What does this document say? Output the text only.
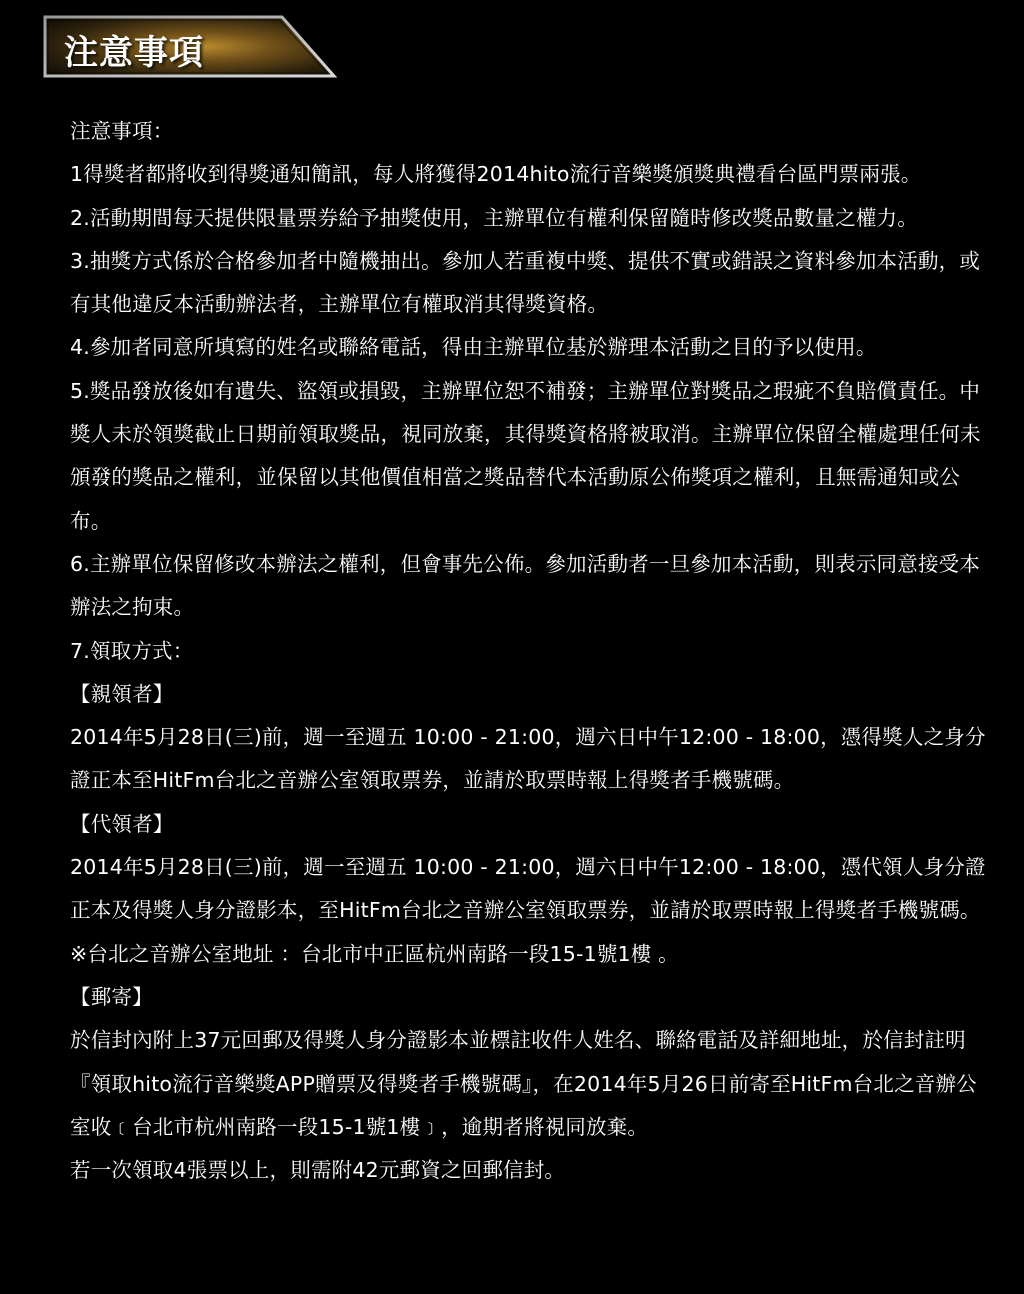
注意事項

注意事項：

1得獎者都將收到得獎通知簡訊，每人將獲得2014hito流行音樂獎頒獎典禮看台區門票兩張。

2.活動期間每天提供限量票券給予抽獎使用，主辦單位有權利保留隨時修改獎品數量之權力。

3.抽獎方式係於合格參加者中隨機抽出。參加人若重複中獎、提供不實或錯誤之資料參加本活動，或有其他違反本活動辦法者，主辦單位有權取消其得獎資格。

4.參加者同意所填寫的姓名或聯絡電話，得由主辦單位基於辦理本活動之目的予以使用。

5.獎品發放後如有遺失、盜領或損毀，主辦單位恕不補發；主辦單位對獎品之瑕疵不負賠償責任。中獎人未於領獎截止日期前領取獎品，視同放棄，其得獎資格將被取消。主辦單位保留全權處理任何未頒發的獎品之權利，並保留以其他價值相當之獎品替代本活動原公佈獎項之權利，且無需通知或公布。

6.主辦單位保留修改本辦法之權利，但會事先公佈。參加活動者一旦參加本活動，則表示同意接受本辦法之拘束。

7.領取方式：

【親領者】

2014年5月28日(三)前，週一至週五 10:00 - 21:00，週六日中午12:00 - 18:00，憑得獎人之身分證正本至HitFm台北之音辦公室領取票券，並請於取票時報上得獎者手機號碼。

【代領者】

2014年5月28日(三)前，週一至週五 10:00 - 21:00，週六日中午12:00 - 18:00，憑代領人身分證正本及得獎人身分證影本，至HitFm台北之音辦公室領取票券，並請於取票時報上得獎者手機號碼。※台北之音辦公室地址 ：台北市中正區杭州南路一段15-1號1樓 。

【郵寄】

於信封內附上37元回郵及得獎人身分證影本並標註收件人姓名、聯絡電話及詳細地址，於信封註明『領取hito流行音樂獎APP贈票及得獎者手機號碼』，在2014年5月26日前寄至HitFm台北之音辦公室收﹝台北市杭州南路一段15-1號1樓﹞，逾期者將視同放棄。

若一次領取4張票以上，則需附42元郵資之回郵信封。
